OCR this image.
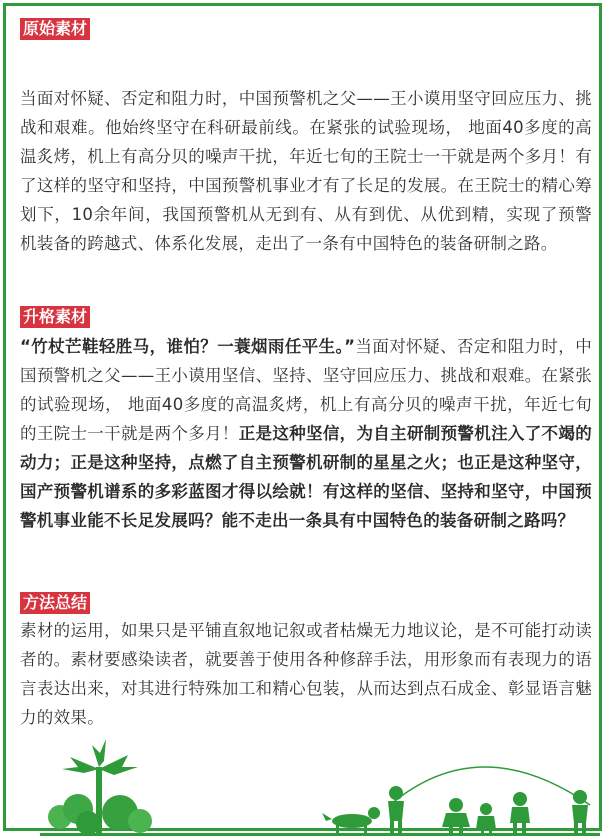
原始素材

当面对怀疑、否定和阻力时，中国预警机之父——王小谟用坚守回应压力、挑战和艰难。他始终坚守在科研最前线。在紧张的试验现场， 地面40多度的高温炙烤，机上有高分贝的噪声干扰，年近七旬的王院士一干就是两个多月！有了这样的坚守和坚持，中国预警机事业才有了长足的发展。在王院士的精心筹划下，10余年间，我国预警机从无到有、从有到优、从优到精，实现了预警机装备的跨越式、体系化发展，走出了一条有中国特色的装备研制之路。

升格素材

“竹杖芒鞋轻胜马，谁怕？一蓑烟雨任平生。”当面对怀疑、否定和阻力时，中国预警机之父——王小谟用坚信、坚持、坚守回应压力、挑战和艰难。在紧张的试验现场， 地面40多度的高温炙烤，机上有高分贝的噪声干扰，年近七旬的王院士一干就是两个多月！正是这种坚信，为自主研制预警机注入了不竭的动力；正是这种坚持，点燃了自主预警机研制的星星之火；也正是这种坚守，国产预警机谱系的多彩蓝图才得以绘就！有这样的坚信、坚持和坚守，中国预警机事业能不长足发展吗？能不走出一条具有中国特色的装备研制之路吗？

方法总结

素材的运用，如果只是平铺直叙地记叙或者枯燥无力地议论，是不可能打动读者的。素材要感染读者，就要善于使用各种修辞手法，用形象而有表现力的语言表达出来，对其进行特殊加工和精心包装，从而达到点石成金、彰显语言魅力的效果。
